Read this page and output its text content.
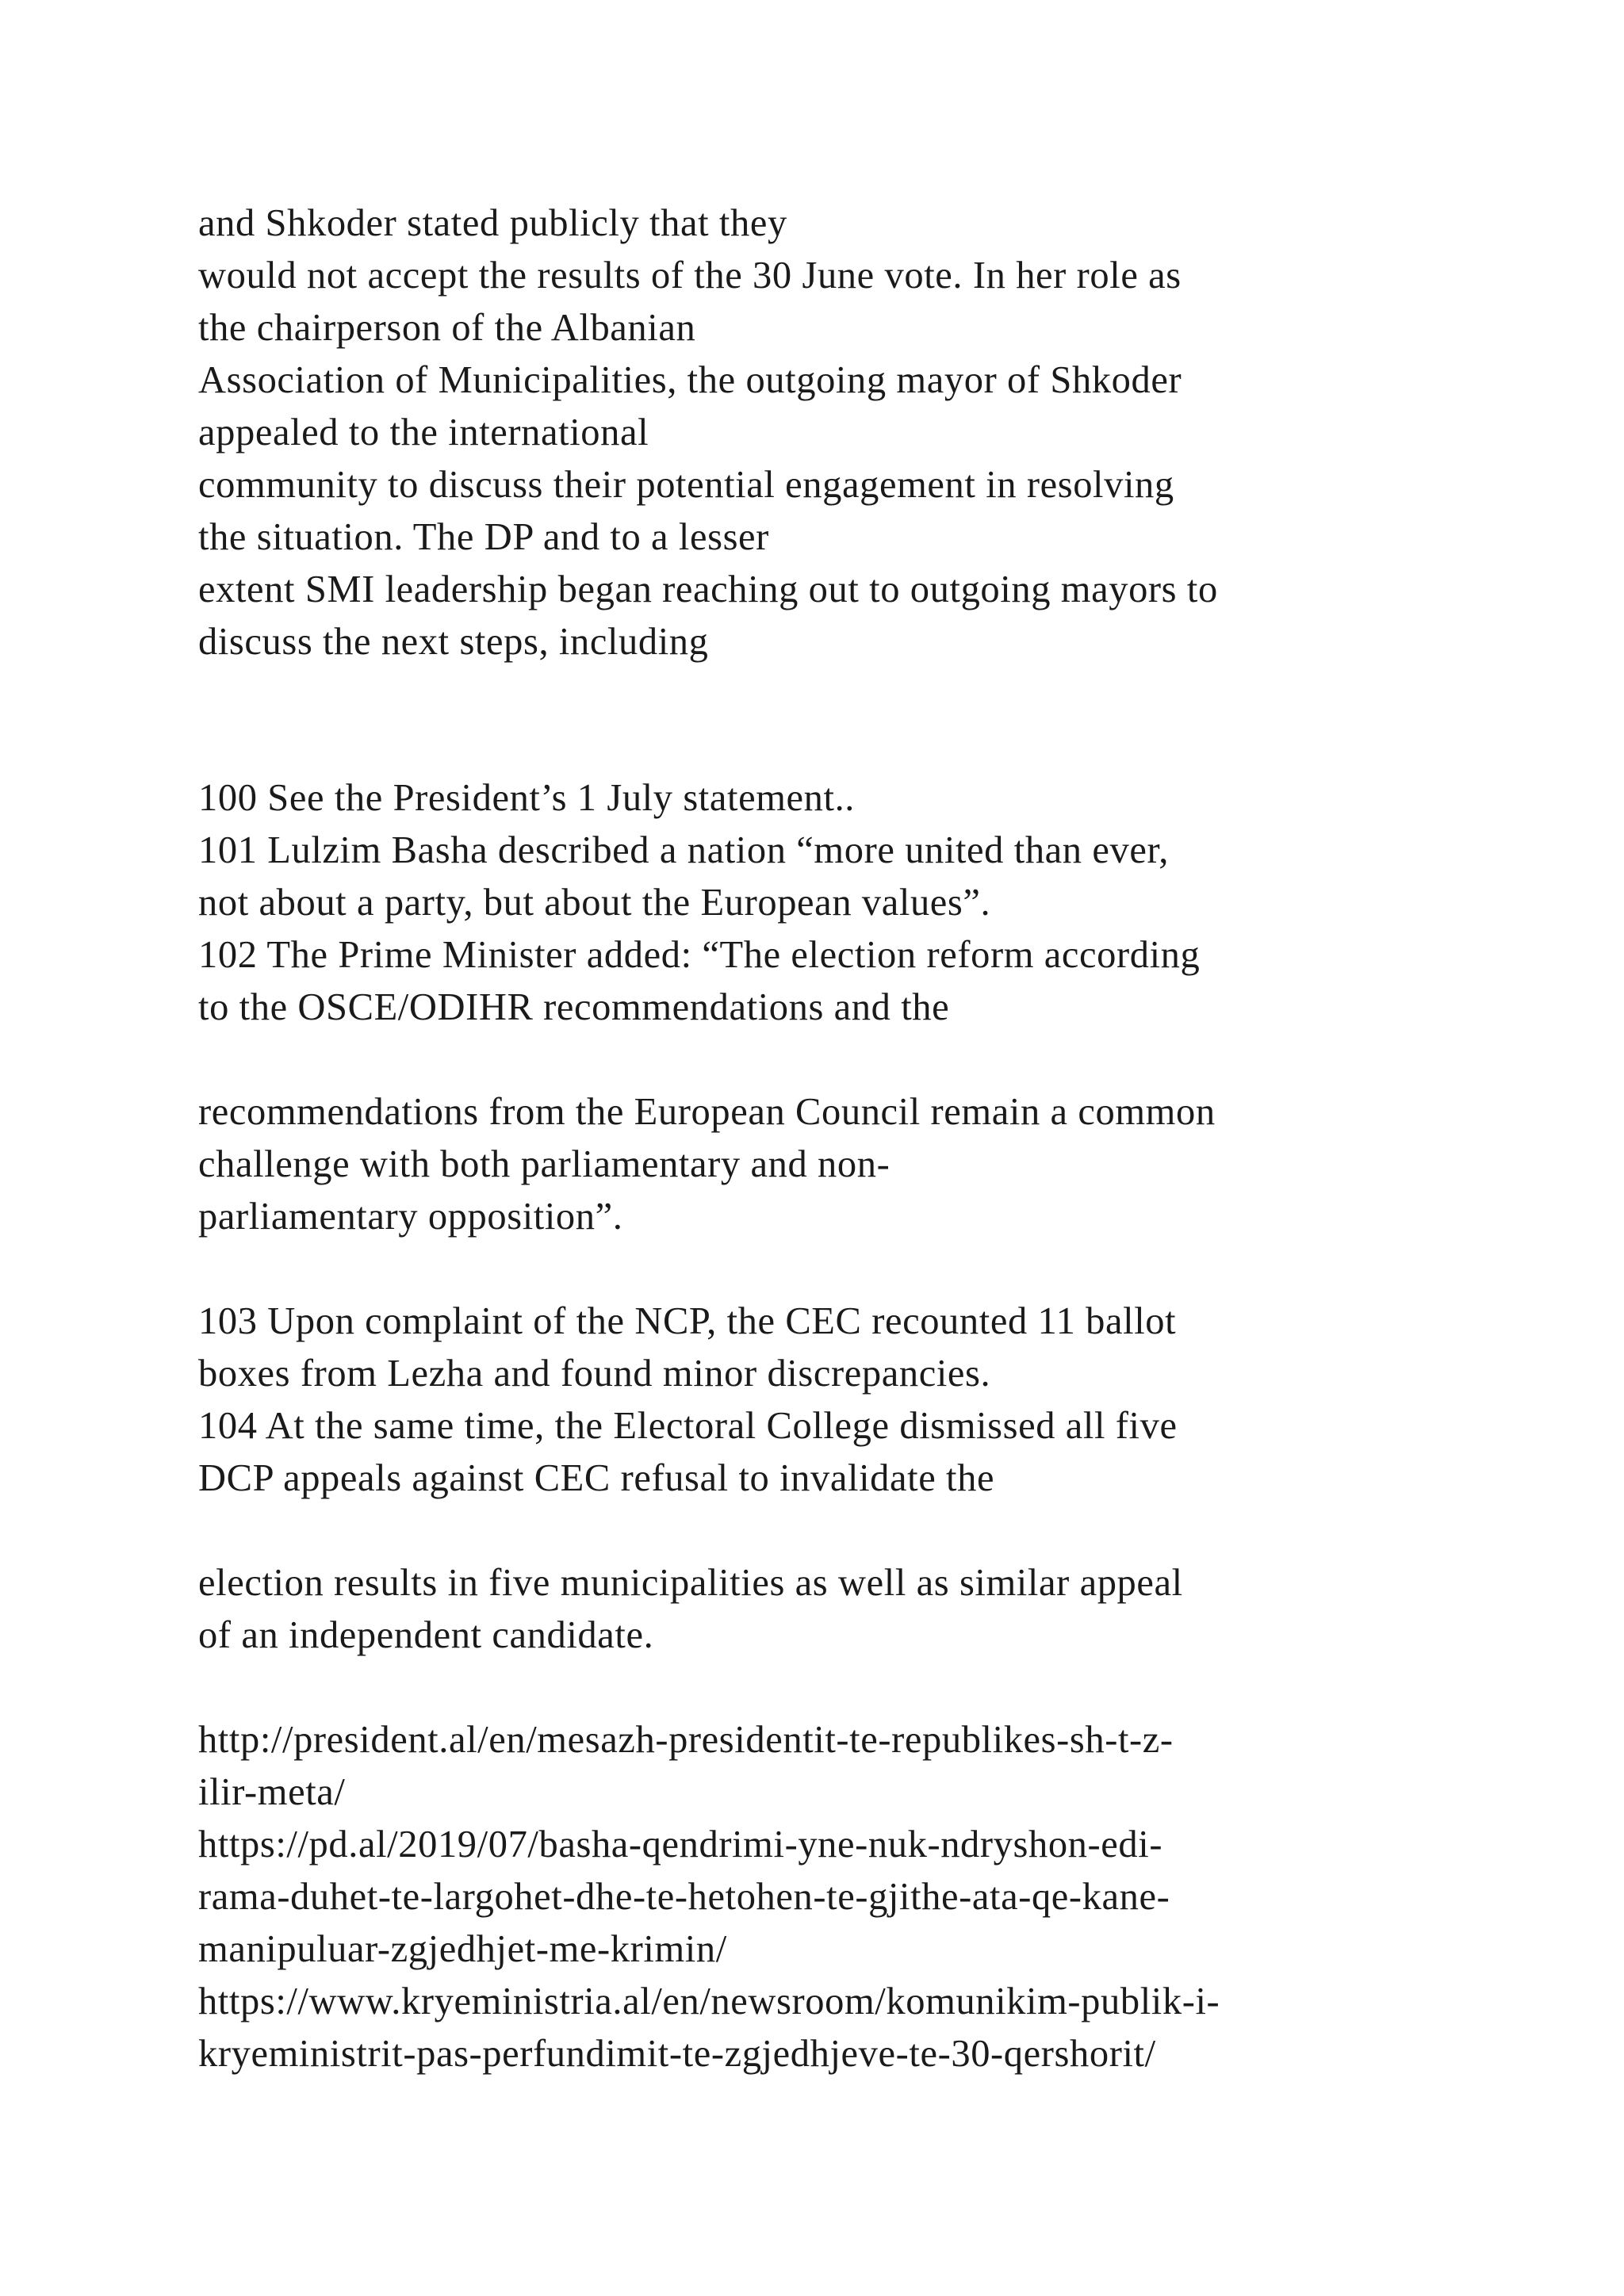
and Shkoder stated publicly that they
would not accept the results of the 30 June vote. In her role as
the chairperson of the Albanian
Association of Municipalities, the outgoing mayor of Shkoder
appealed to the international
community to discuss their potential engagement in resolving
the situation. The DP and to a lesser
extent SMI leadership began reaching out to outgoing mayors to
discuss the next steps, including
100 See the President’s 1 July statement..
101 Lulzim Basha described a nation “more united than ever,
not about a party, but about the European values”.
102 The Prime Minister added: “The election reform according
to the OSCE/ODIHR recommendations and the
recommendations from the European Council remain a common
challenge with both parliamentary and non-
parliamentary opposition”.
103 Upon complaint of the NCP, the CEC recounted 11 ballot
boxes from Lezha and found minor discrepancies.
104 At the same time, the Electoral College dismissed all five
DCP appeals against CEC refusal to invalidate the
election results in five municipalities as well as similar appeal
of an independent candidate.
http://president.al/en/mesazh-presidentit-te-republikes-sh-t-z-
ilir-meta/
https://pd.al/2019/07/basha-qendrimi-yne-nuk-ndryshon-edi-
rama-duhet-te-largohet-dhe-te-hetohen-te-gjithe-ata-qe-kane-
manipuluar-zgjedhjet-me-krimin/
https://www.kryeministria.al/en/newsroom/komunikim-publik-i-
kryeministrit-pas-perfundimit-te-zgjedhjeve-te-30-qershorit/
